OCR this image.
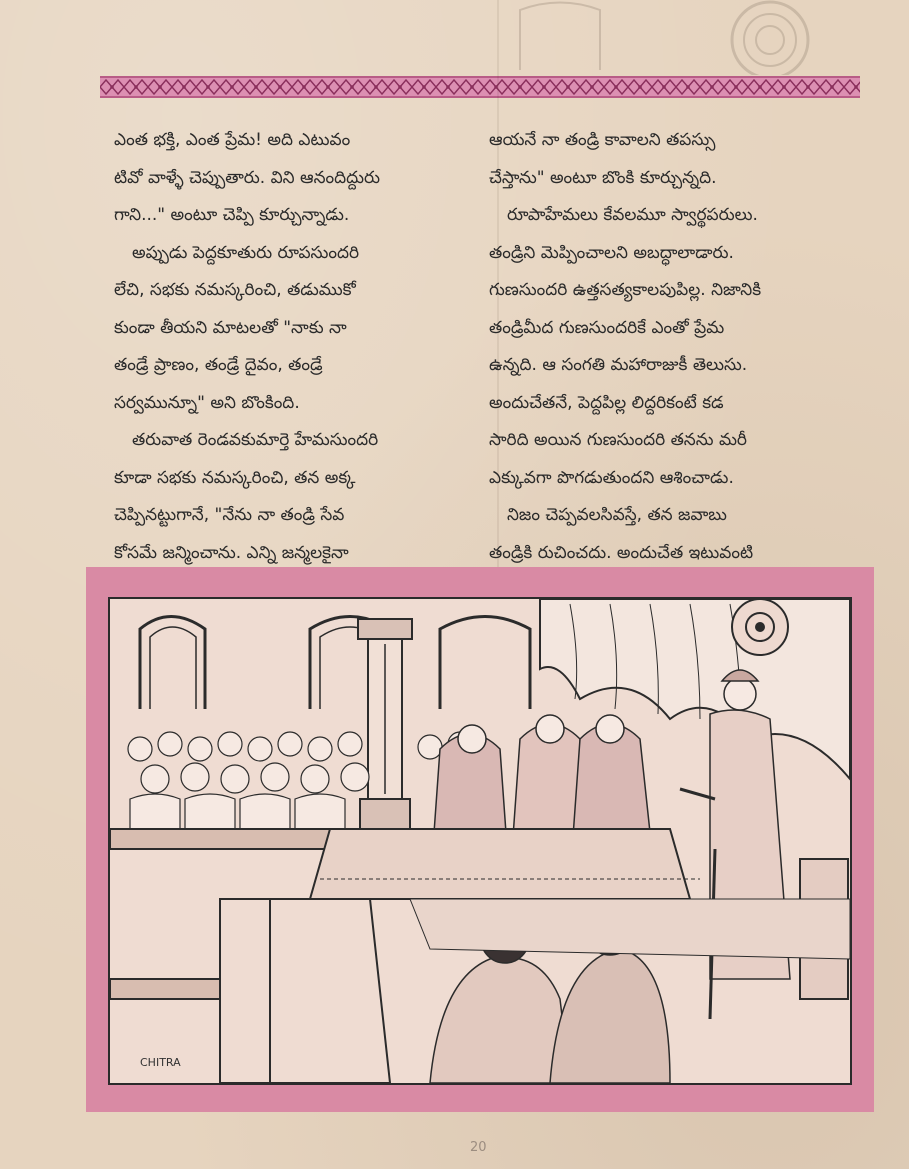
ఎంత భక్తి, ఎంత ప్రేమ! అది ఎటువం
టివో వాళ్ళే చెప్పుతారు. విని ఆనందిద్దురు
గాని..." అంటూ చెప్పి కూర్చున్నాడు.
అప్పుడు పెద్దకూతురు రూపసుందరి
లేచి, సభకు నమస్కరించి, తడుముకో
కుండా తీయని మాటలతో "నాకు నా
తండ్రే ప్రాణం, తండ్రే దైవం, తండ్రే
సర్వమున్నూ" అని బొంకింది.
తరువాత రెండవకుమార్తె హేమసుందరి
కూడా సభకు నమస్కరించి, తన అక్క
చెప్పినట్టుగానే, "నేను నా తండ్రి సేవ
కోసమే జన్మించాను. ఎన్ని జన్మలకైనా
ఆయనే నా తండ్రి కావాలని తపస్సు
చేస్తాను" అంటూ బొంకి కూర్చున్నది.
రూపాహేమలు కేవలమూ స్వార్థపరులు.
తండ్రిని మెప్పించాలని అబద్ధాలాడారు.
గుణసుందరి ఉత్తసత్యకాలపుపిల్ల. నిజానికి
తండ్రిమీద గుణసుందరికే ఎంతో ప్రేమ
ఉన్నది. ఆ సంగతి మహారాజుకీ తెలుసు.
అందుచేతనే, పెద్దపిల్ల లిద్దరికంటే కడ
సారిది అయిన గుణసుందరి తనను మరీ
ఎక్కువగా పొగడుతుందని ఆశించాడు.
నిజం చెప్పవలసివస్తే, తన జవాబు
తండ్రికి రుచించదు. అందుచేత ఇటువంటి
CHITRA
20
